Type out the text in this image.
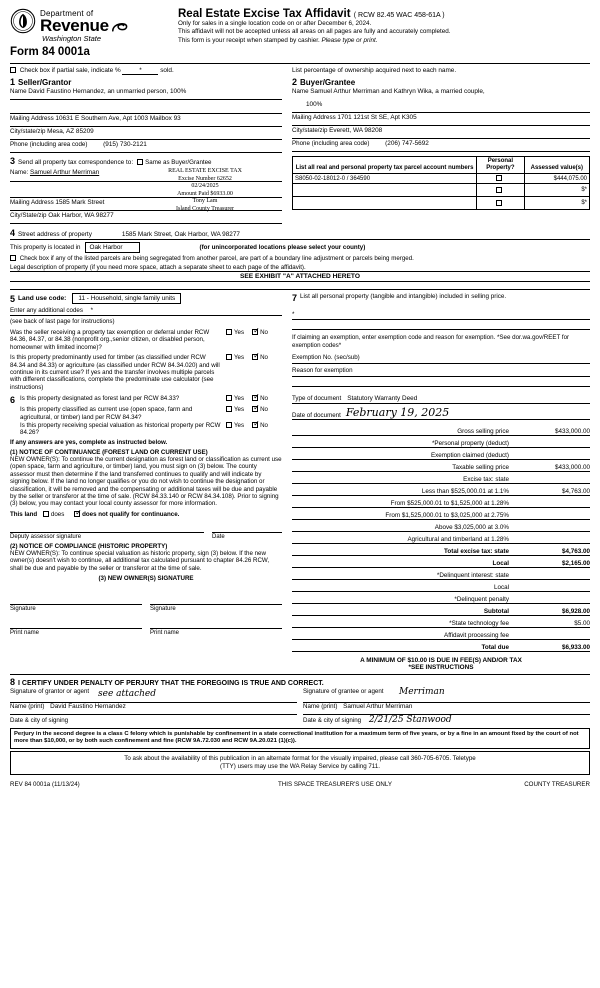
Department of
Revenue
Washington State
Form 84 0001a
Real Estate Excise Tax Affidavit ( RCW 82.45 WAC 458-61A )
Only for sales in a single location code on or after December 6, 2024.
This affidavit will not be accepted unless all areas on all pages are fully and accurately completed.
This form is your receipt when stamped by cashier. Please type or print.
Check box if partial sale, indicate %	*	sold.	List percentage of ownership acquired next to each name.
1 Seller/Grantor
Name David Faustino Hernandez, an unmarried person, 100%
Mailing Address 10631 E Southern Ave, Apt 1003 Mailbox 93
City/state/zip Mesa, AZ 85209
Phone (including area code) (915) 730-2121
2 Buyer/Grantee
Name Samuel Arthur Merriman and Kathryn Wika, a married couple,
100%
Mailing Address 1701 121st St SE, Apt K305
City/state/zip Everett, WA 98208
Phone (including area code) (206) 747-5692
3 Send all property tax correspondence to:	Same as Buyer/Grantee
Name: Samuel Arthur Merriman
Mailing Address 1585 Mark Street
City/State/zip Oak Harbor, WA 98277
REAL ESTATE EXCISE TAX
Excise Number 62652
02/24/2025
Amount Paid $6933.00
Tony Lam
Island County Treasurer
List all real and personal property tax parcel account numbers	Personal Property?	Assessed value(s)
S8050-02-18012-0 / 364590		$444,075.00
		$*
		$*
4 Street address of property	1585 Mark Street, Oak Harbor, WA 98277
This property is located in	Oak Harbor	(for unincorporated locations please select your county)
Check box if any of the listed parcels are being segregated from another parcel, are part of a boundary line adjustment or parcels being merged.
Legal description of property (if you need more space, attach a separate sheet to each page of the affidavit).
SEE EXHIBIT "A" ATTACHED HERETO
5 Land use code:	11 - Household, single family units
Enter any additional codes *
(see back of last page for instructions)
Was the seller receiving a property tax exemption or deferral under RCW 84.36, 84.37, or 84.38 (nonprofit org.,senior citizen, or disabled person, homeowner with limited income)?
Yes ✓	No
Is this property predominantly used for timber (as classified under RCW 84.34 and 84.33) or agriculture (as classified under RCW 84.34.020) and will continue in its current use? If yes and the transfer involves multiple parcels with different classifications, complete the predominate use calculator (see instructions)
Yes ✓	No
7 List all personal property (tangible and intangible) included in selling price.
*
If claiming an exemption, enter exemption code and reason for exemption. *See dor.wa.gov/REET for exemption codes*
Exemption No. (sec/sub)
Reason for exemption
6 Is this property designated as forest land per RCW 84.33?	Yes ✓	No
Is this property classified as current use (open space, farm and agricultural, or timber) land per RCW 84.34?
Yes ✓	No
Is this property receiving special valuation as historical property per RCW 84.26?
Yes ✓	No
If any answers are yes, complete as instructed below.
(1) NOTICE OF CONTINUANCE (FOREST LAND OR CURRENT USE)
NEW OWNER(S): To continue the current designation as forest land or classification as current use (open space, farm and agriculture, or timber) land, you must sign on (3) below. The county assessor must then determine if the land transferred continues to qualify and will indicate by signing below. If the land no longer qualifies or you do not wish to continue the designation or classification, it will be removed and the compensating or additional taxes will be due and payable by the seller or transferor at the time of sale. (RCW 84.33.140 or RCW 84.34.108). Prior to signing (3) below, you may contact your local county assessor for more information.
This land does ✓	does not qualify for continuance.
Deputy assessor signature	Date
(2) NOTICE OF COMPLIANCE (HISTORIC PROPERTY)
NEW OWNER(S): To continue special valuation as historic property, sign (3) below. If the new owner(s) doesn't wish to continue, all additional tax calculated pursuant to chapter 84.26 RCW, shall be due and payable by the seller or transferor at the time of sale.
(3) NEW OWNER(S) SIGNATURE
Signature	Signature
Print name	Print name
Type of document Statutory Warranty Deed
Date of document February 19, 2025
Gross selling price	$433,000.00
*Personal property (deduct)
Exemption claimed (deduct)
Taxable selling price	$433,000.00
Excise tax: state
Less than $525,000.01 at 1.1%	$4,763.00
From $525,000.01 to $1,525,000 at 1.28%
From $1,525,000.01 to $3,025,000 at 2.75%
Above $3,025,000 at 3.0%
Agricultural and timberland at 1.28%
Total excise tax: state	$4,763.00
Local	$2,165.00
*Delinquent interest: state
Local
*Delinquent penalty
Subtotal	$6,928.00
*State technology fee	$5.00
Affidavit processing fee
Total due	$6,933.00
A MINIMUM OF $10.00 IS DUE IN FEE(S) AND/OR TAX
*SEE INSTRUCTIONS
8 I CERTIFY UNDER PENALTY OF PERJURY THAT THE FOREGOING IS TRUE AND CORRECT.
Signature of grantor or agent see attached
Name (print) David Faustino Hernandez
Date & city of signing
Signature of grantee or agent Merriman
Name (print) Samuel Arthur Merriman
Date & city of signing 2/21/25 Stanwood
Perjury in the second degree is a class C felony which is punishable by confinement in a state correctional institution for a maximum term of five years, or by a fine in an amount fixed by the court of not more than $10,000, or by both such confinement and fine (RCW 9A.72.030 and RCW 9A.20.021 (1)(c)).
To ask about the availability of this publication in an alternate format for the visually impaired, please call 360-705-6705. Teletype
(TTY) users may use the WA Relay Service by calling 711.
REV 84 0001a (11/13/24)	THIS SPACE TREASURER'S USE ONLY	COUNTY TREASURER
